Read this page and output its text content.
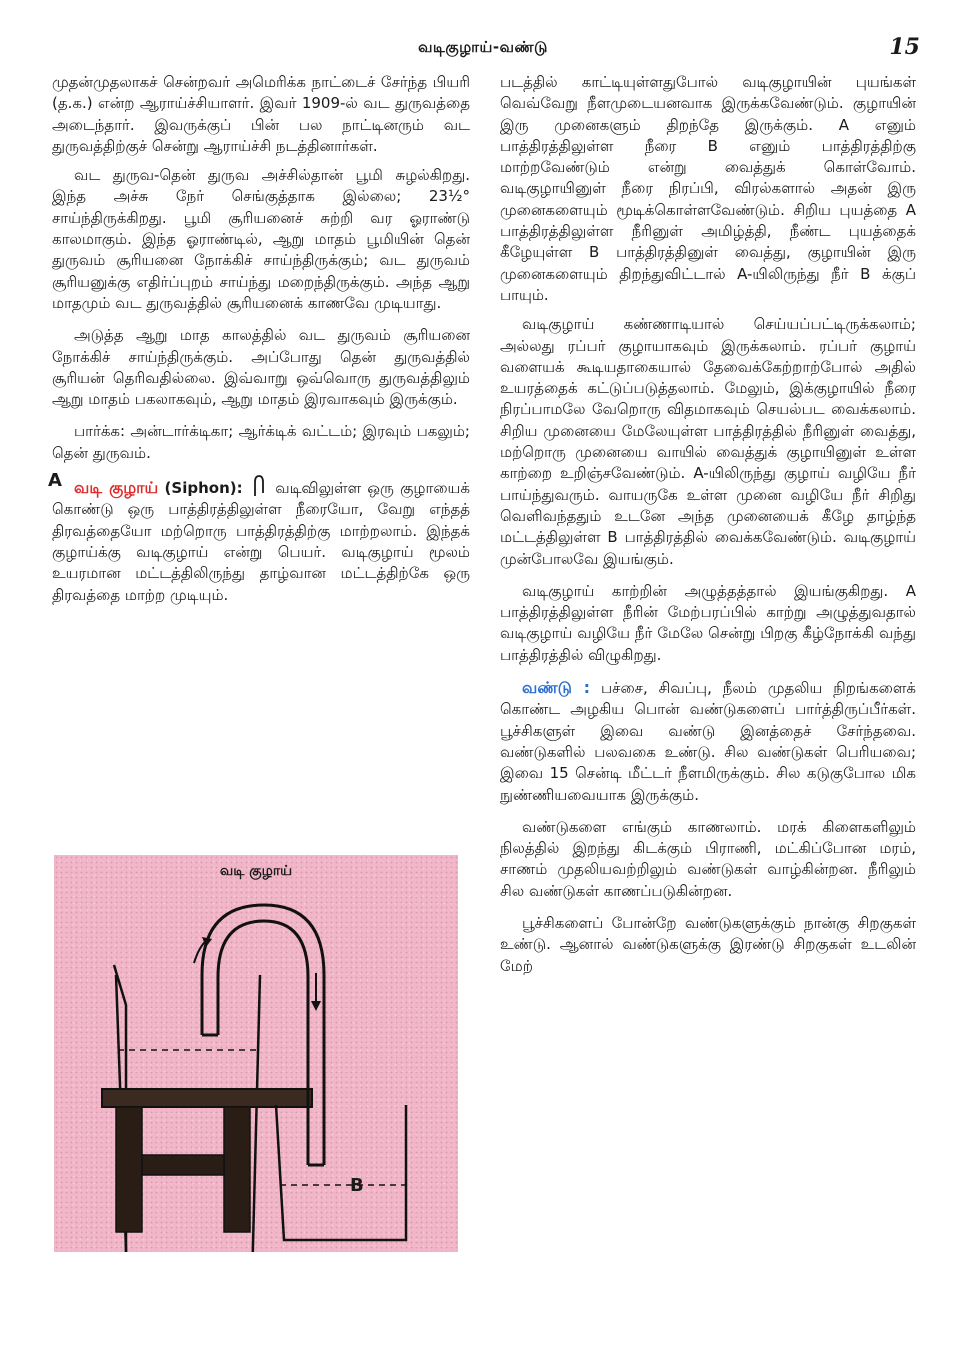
வடிகுழாய்-வண்டு	15

முதன்முதலாகச் சென்றவர் அமெரிக்க நாட்டைச் சேர்ந்த பியரி (த.க.) என்ற ஆராய்ச்சியாளர். இவர் 1909-ல் வட துருவத்தை அடைந்தார். இவருக்குப் பின் பல நாட்டினரும் வட துருவத்திற்குச் சென்று ஆராய்ச்சி நடத்தினார்கள்.

வட துருவ-தென் துருவ அச்சில்தான் பூமி சுழல்கிறது. இந்த அச்சு நேர் செங்குத்தாக இல்லை; 23½° சாய்ந்திருக்கிறது. பூமி சூரியனைச் சுற்றி வர ஓராண்டு காலமாகும். இந்த ஓராண்டில், ஆறு மாதம் பூமியின் தென் துருவம் சூரியனை நோக்கிச் சாய்ந்திருக்கும்; வட துருவம் சூரியனுக்கு எதிர்ப்புறம் சாய்ந்து மறைந்திருக்கும். அந்த ஆறு மாதமும் வட துருவத்தில் சூரியனைக் காணவே முடியாது.

அடுத்த ஆறு மாத காலத்தில் வட துருவம் சூரியனை நோக்கிச் சாய்ந்திருக்கும். அப்போது தென் துருவத்தில் சூரியன் தெரிவதில்லை. இவ்வாறு ஒவ்வொரு துருவத்திலும் ஆறு மாதம் பகலாகவும், ஆறு மாதம் இரவாகவும் இருக்கும்.

பார்க்க: அன்டார்க்டிகா; ஆர்க்டிக் வட்டம்; இரவும் பகலும்; தென் துருவம்.

வடி குழாய் (Siphon): வடிவிலுள்ள ஒரு குழாயைக் கொண்டு ஒரு பாத்திரத்திலுள்ள நீரையோ, வேறு எந்தத் திரவத்தையோ மற்றொரு பாத்திரத்திற்கு மாற்றலாம். இந்தக் குழாய்க்கு வடிகுழாய் என்று பெயர். வடிகுழாய் மூலம் உயரமான மட்டத்திலிருந்து தாழ்வான மட்டத்திற்கே ஒரு திரவத்தை மாற்ற முடியும்.

வடி குழாய்
A
B

படத்தில் காட்டியுள்ளதுபோல் வடிகுழாயின் புயங்கள் வெவ்வேறு நீளமுடையனவாக இருக்கவேண்டும். குழாயின் இரு முனைகளும் திறந்தே இருக்கும். A எனும் பாத்திரத்திலுள்ள நீரை B எனும் பாத்திரத்திற்கு மாற்றவேண்டும் என்று வைத்துக் கொள்வோம். வடிகுழாயினுள் நீரை நிரப்பி, விரல்களால் அதன் இரு முனைகளையும் மூடிக்கொள்ளவேண்டும். சிறிய புயத்தை A பாத்திரத்திலுள்ள நீரினுள் அமிழ்த்தி, நீண்ட புயத்தைக் கீழேயுள்ள B பாத்திரத்தினுள் வைத்து, குழாயின் இரு முனைகளையும் திறந்துவிட்டால் A-யிலிருந்து நீர் B க்குப் பாயும்.

வடிகுழாய் கண்ணாடியால் செய்யப்பட்டிருக்கலாம்; அல்லது ரப்பர் குழாயாகவும் இருக்கலாம். ரப்பர் குழாய் வளையக் கூடியதாகையால் தேவைக்கேற்றாற்போல் அதில் உயரத்தைக் கட்டுப்படுத்தலாம். மேலும், இக்குழாயில் நீரை நிரப்பாமலே வேறொரு விதமாகவும் செயல்பட வைக்கலாம். சிறிய முனையை மேலேயுள்ள பாத்திரத்தில் நீரினுள் வைத்து, மற்றொரு முனையை வாயில் வைத்துக் குழாயினுள் உள்ள காற்றை உறிஞ்சவேண்டும். A-யிலிருந்து குழாய் வழியே நீர் பாய்ந்துவரும். வாயருகே உள்ள முனை வழியே நீர் சிறிது வெளிவந்ததும் உடனே அந்த முனையைக் கீழே தாழ்ந்த மட்டத்திலுள்ள B பாத்திரத்தில் வைக்கவேண்டும். வடிகுழாய் முன்போலவே இயங்கும்.

வடிகுழாய் காற்றின் அழுத்தத்தால் இயங்குகிறது. A பாத்திரத்திலுள்ள நீரின் மேற்பரப்பில் காற்று அழுத்துவதால் வடிகுழாய் வழியே நீர் மேலே சென்று பிறகு கீழ்நோக்கி வந்து பாத்திரத்தில் விழுகிறது.

வண்டு : பச்சை, சிவப்பு, நீலம் முதலிய நிறங்களைக் கொண்ட அழகிய பொன் வண்டுகளைப் பார்த்திருப்பீர்கள். பூச்சிகளுள் இவை வண்டு இனத்தைச் சேர்ந்தவை. வண்டுகளில் பலவகை உண்டு. சில வண்டுகள் பெரியவை; இவை 15 சென்டி மீட்டர் நீளமிருக்கும். சில கடுகுபோல மிக நுண்ணியவையாக இருக்கும்.

வண்டுகளை எங்கும் காணலாம். மரக் கிளைகளிலும் நிலத்தில் இறந்து கிடக்கும் பிராணி, மட்கிப்போன மரம், சாணம் முதலியவற்றிலும் வண்டுகள் வாழ்கின்றன. நீரிலும் சில வண்டுகள் காணப்படுகின்றன.

பூச்சிகளைப் போன்றே வண்டுகளுக்கும் நான்கு சிறகுகள் உண்டு. ஆனால் வண்டுகளுக்கு இரண்டு சிறகுகள் உடலின் மேற்
